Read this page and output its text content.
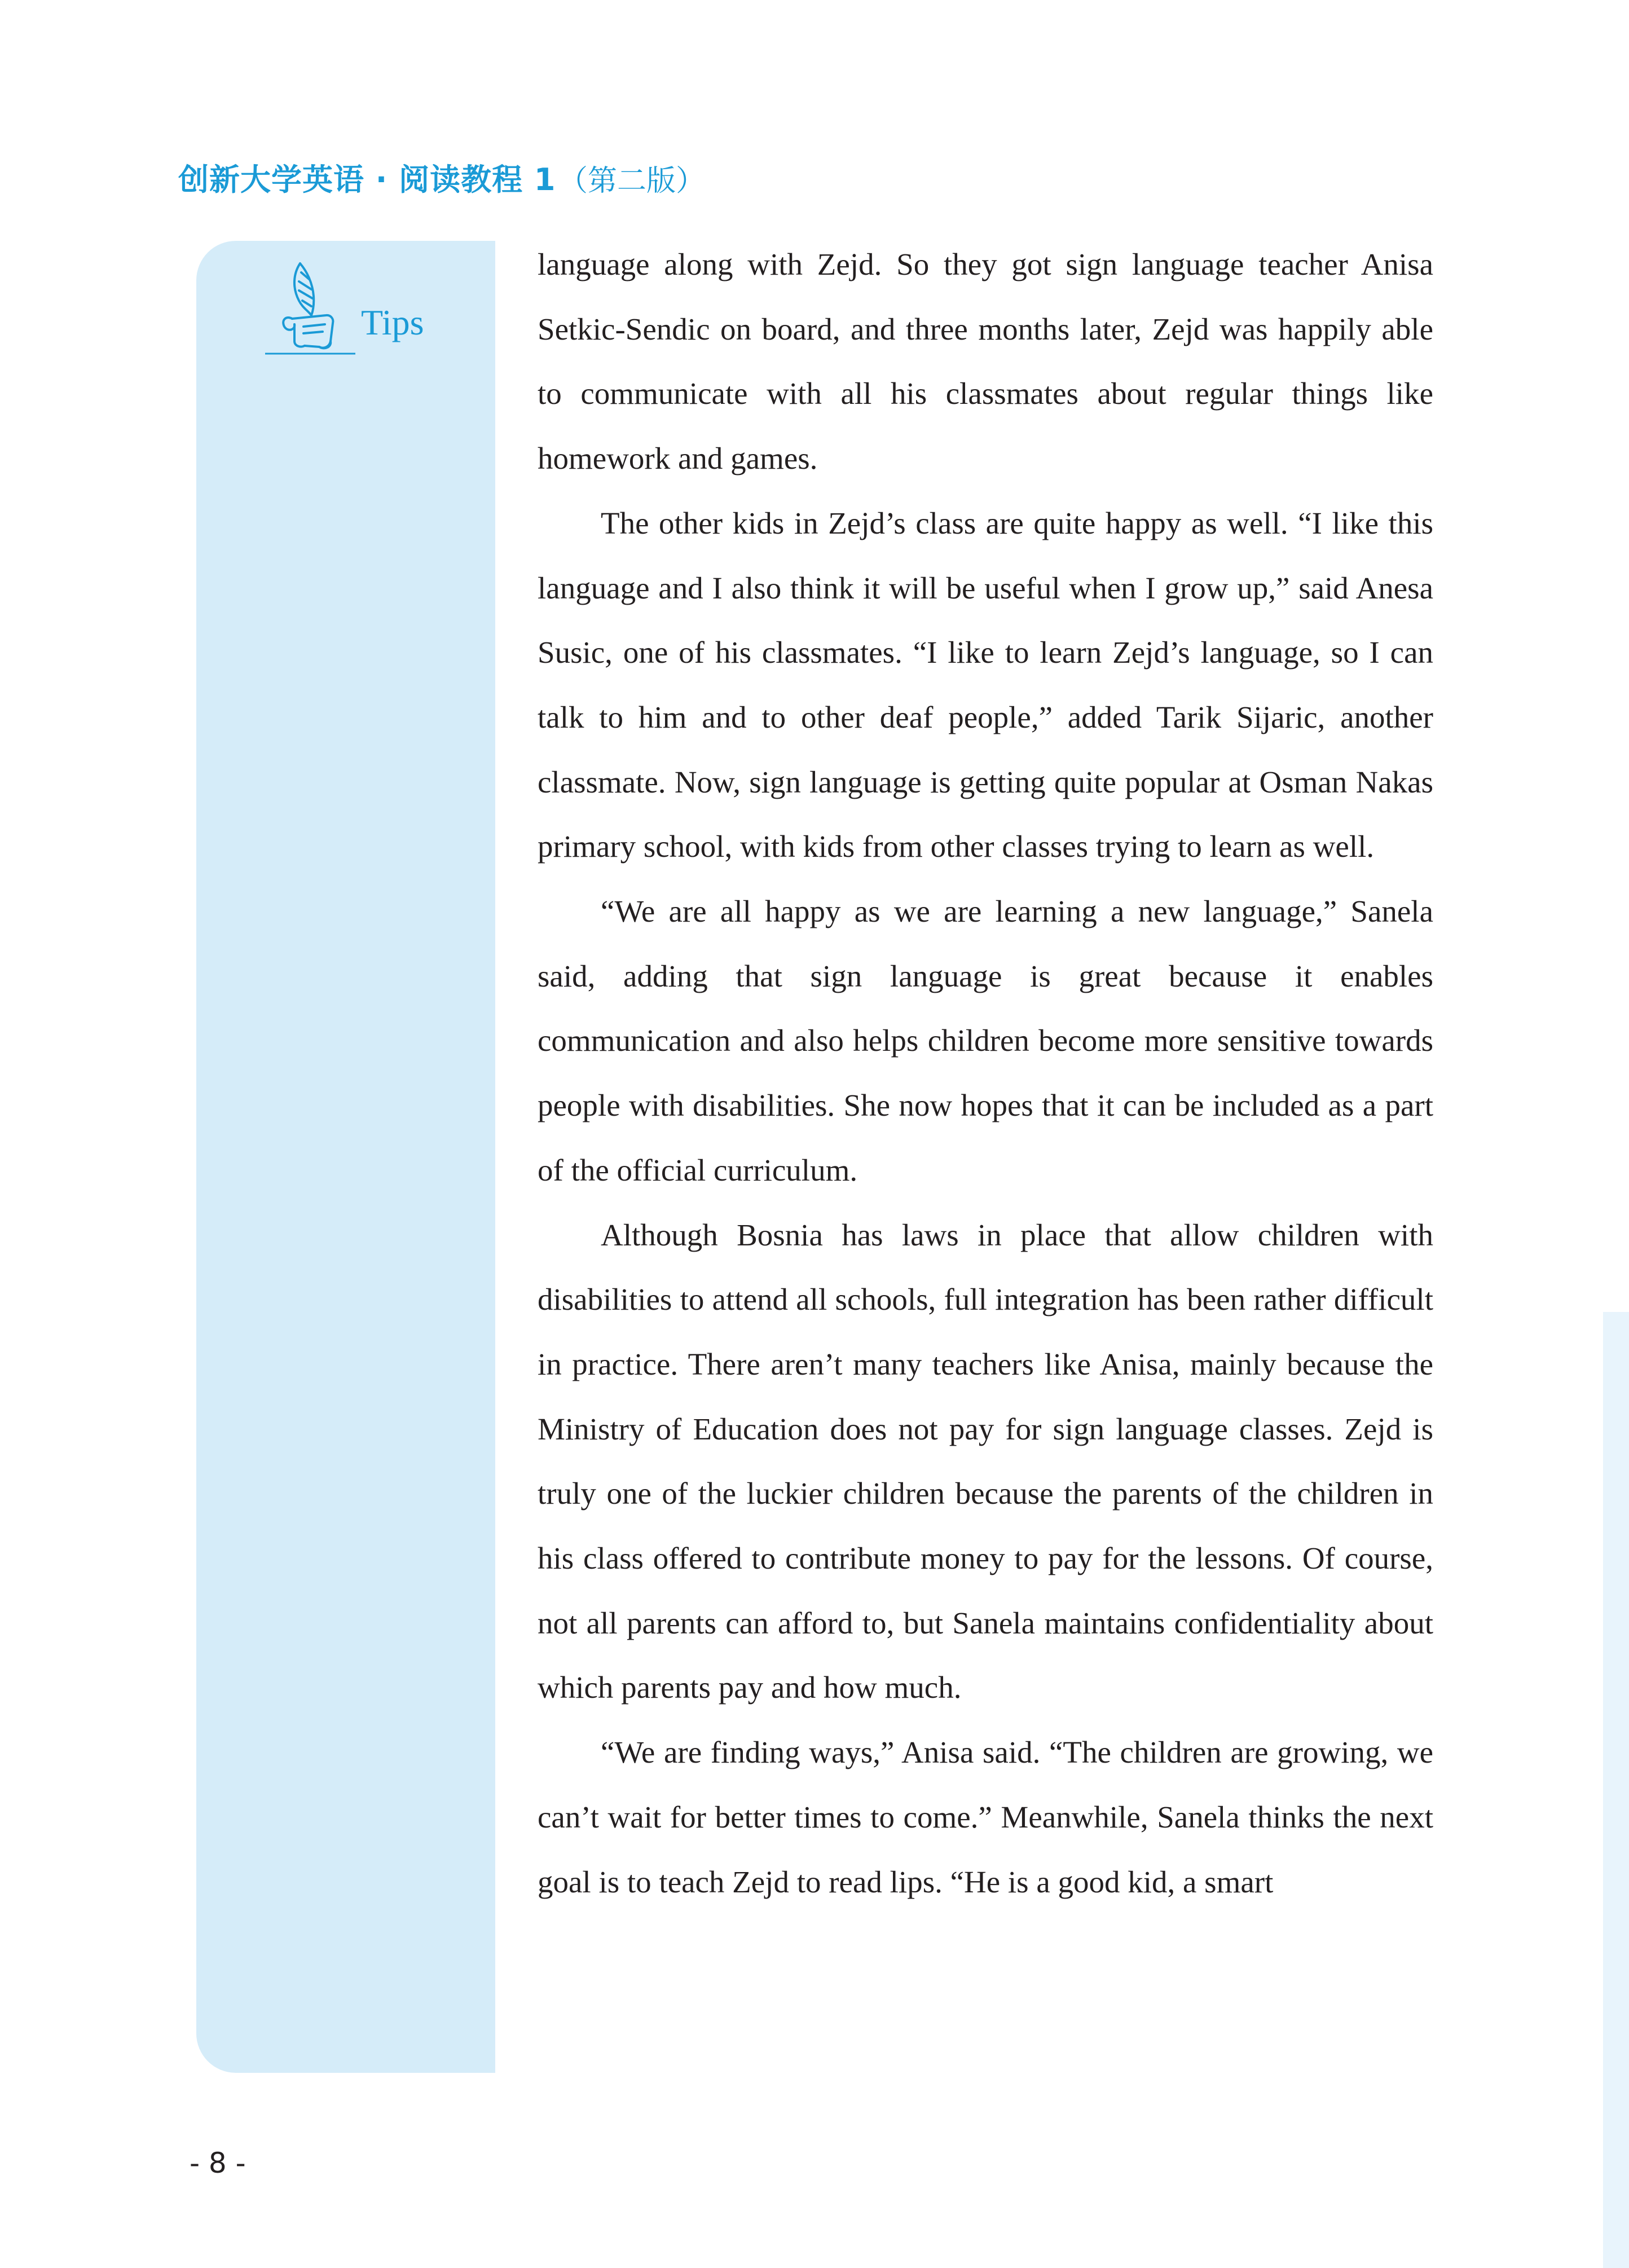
创新大学英语 · 阅读教程 1 （第二版）
Tips

language along with Zejd. So they got sign language teacher Anisa Setkic-Sendic on board, and three months later, Zejd was happily able to communicate with all his classmates about regular things like homework and games.

The other kids in Zejd’s class are quite happy as well. “I like this language and I also think it will be useful when I grow up,” said Anesa Susic, one of his classmates. “I like to learn Zejd’s language, so I can talk to him and to other deaf people,” added Tarik Sijaric, another classmate. Now, sign language is getting quite popular at Osman Nakas primary school, with kids from other classes trying to learn as well.

“We are all happy as we are learning a new language,” Sanela said, adding that sign language is great because it enables communication and also helps children become more sensitive towards people with disabilities. She now hopes that it can be included as a part of the official curriculum.

Although Bosnia has laws in place that allow children with disabilities to attend all schools, full integration has been rather difficult in practice. There aren’t many teachers like Anisa, mainly because the Ministry of Education does not pay for sign language classes. Zejd is truly one of the luckier children because the parents of the children in his class offered to contribute money to pay for the lessons. Of course, not all parents can afford to, but Sanela maintains confidentiality about which parents pay and how much.

“We are finding ways,” Anisa said. “The children are growing, we can’t wait for better times to come.” Meanwhile, Sanela thinks the next goal is to teach Zejd to read lips. “He is a good kid, a smart

- 8 -
